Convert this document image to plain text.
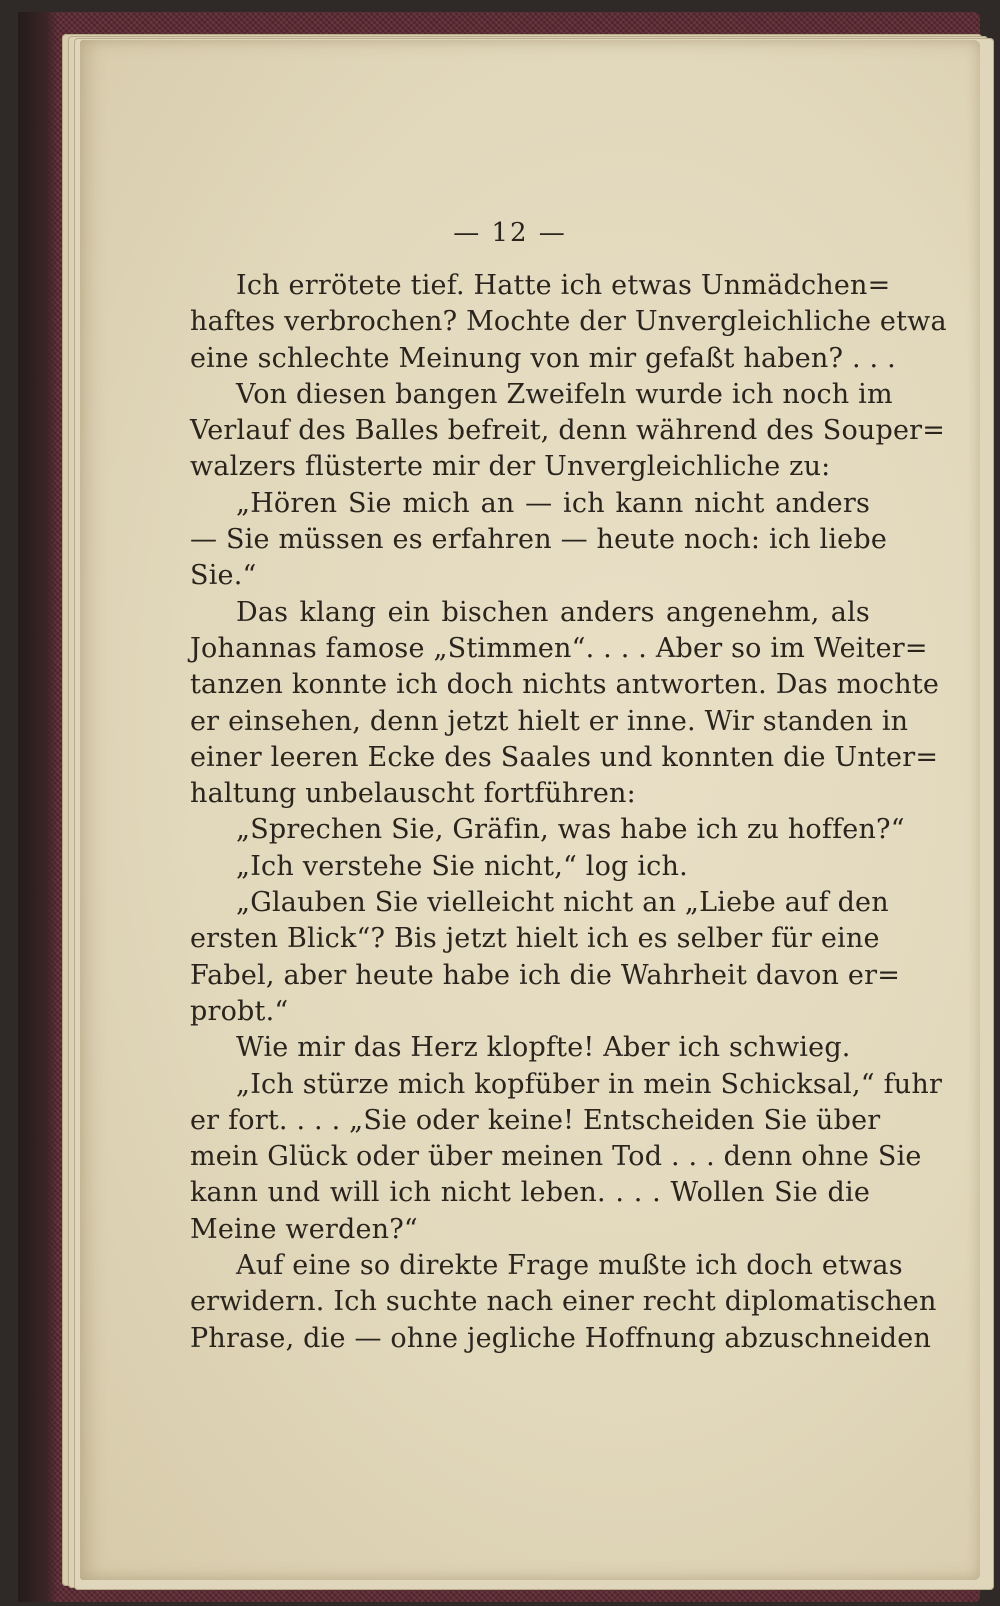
— 12 —
Ich errötete tief. Hatte ich etwas Unmädchen=
haftes verbrochen? Mochte der Unvergleichliche etwa
eine schlechte Meinung von mir gefaßt haben? . . .
Von diesen bangen Zweifeln wurde ich noch im
Verlauf des Balles befreit, denn während des Souper=
walzers flüsterte mir der Unvergleichliche zu:
„Hören Sie mich an — ich kann nicht anders
— Sie müssen es erfahren — heute noch: ich liebe
Sie.“
Das klang ein bischen anders angenehm, als
Johannas famose „Stimmen“. . . . Aber so im Weiter=
tanzen konnte ich doch nichts antworten. Das mochte
er einsehen, denn jetzt hielt er inne. Wir standen in
einer leeren Ecke des Saales und konnten die Unter=
haltung unbelauscht fortführen:
„Sprechen Sie, Gräfin, was habe ich zu hoffen?“
„Ich verstehe Sie nicht,“ log ich.
„Glauben Sie vielleicht nicht an „Liebe auf den
ersten Blick“? Bis jetzt hielt ich es selber für eine
Fabel, aber heute habe ich die Wahrheit davon er=
probt.“
Wie mir das Herz klopfte! Aber ich schwieg.
„Ich stürze mich kopfüber in mein Schicksal,“ fuhr
er fort. . . . „Sie oder keine! Entscheiden Sie über
mein Glück oder über meinen Tod . . . denn ohne Sie
kann und will ich nicht leben. . . . Wollen Sie die
Meine werden?“
Auf eine so direkte Frage mußte ich doch etwas
erwidern. Ich suchte nach einer recht diplomatischen
Phrase, die — ohne jegliche Hoffnung abzuschneiden
